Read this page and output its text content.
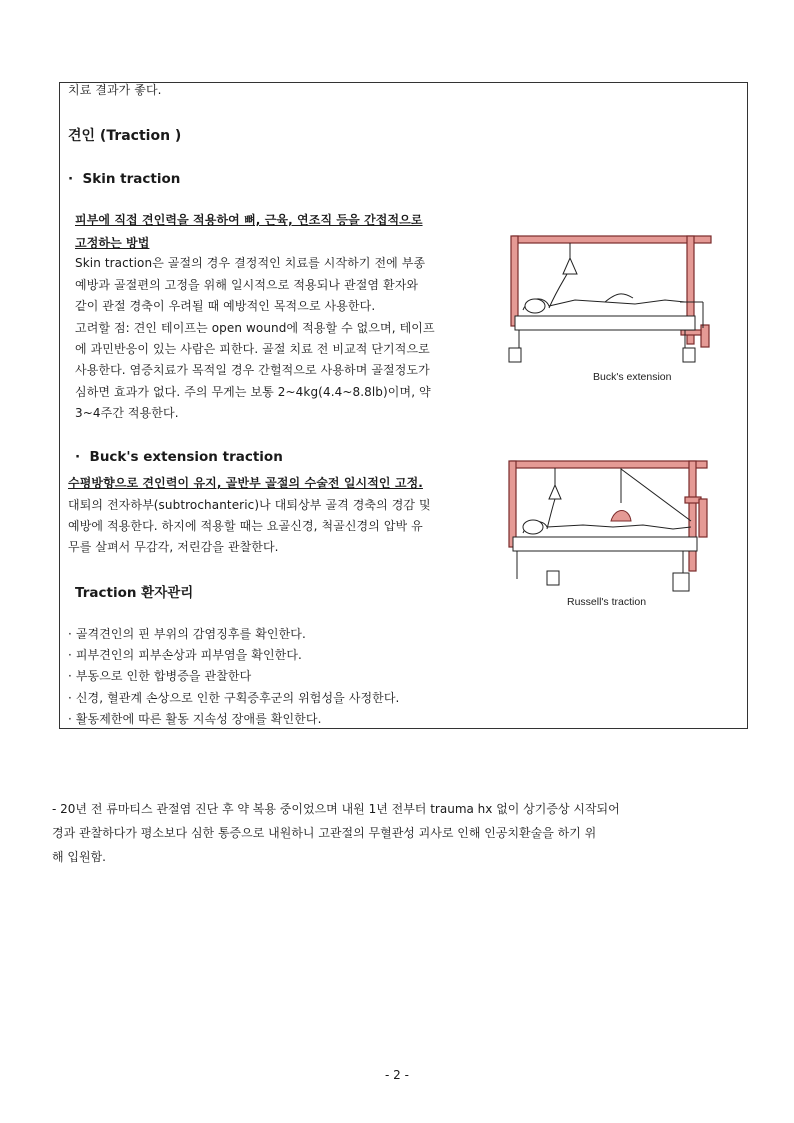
치료 결과가 좋다.
견인 (Traction )
·  Skin traction
피부에 직접 견인력을 적용하여 뼈, 근육, 연조직 등을 간접적으로
고정하는 방법
Skin traction은 골절의 경우 결정적인 치료를 시작하기 전에 부종
예방과 골절편의 고정을 위해 일시적으로 적용되나 관절염 환자와
같이 관절 경축이 우려될 때 예방적인 목적으로 사용한다.
고려할 점: 견인 테이프는 open wound에 적용할 수 없으며, 테이프
에 과민반응이 있는 사람은 피한다. 골절 치료 전 비교적 단기적으로
사용한다. 염증치료가 목적일 경우 간헐적으로 사용하며 골절정도가
심하면 효과가 없다. 주의 무게는 보통 2~4kg(4.4~8.8lb)이며, 약
3~4주간 적용한다.
·  Buck's extension traction
수평방향으로 견인력이 유지, 골반부 골절의 수술전 일시적인 고정.
대퇴의 전자하부(subtrochanteric)나 대퇴상부 골격 경축의 경감 및
예방에 적용한다. 하지에 적용할 때는 요골신경, 척골신경의 압박 유
무를 살펴서 무감각, 저린감을 관찰한다.
Traction 환자관리
· 골격견인의 핀 부위의 감염징후를 확인한다.
· 피부견인의 피부손상과 피부염을 확인한다.
· 부동으로 인한 합병증을 관찰한다
· 신경, 혈관계 손상으로 인한 구획증후군의 위험성을 사정한다.
· 활동제한에 따른 활동 지속성 장애를 확인한다.
Buck's extension
Russell's traction
- 20년 전 류마티스 관절염 진단 후 약 복용 중이었으며 내원 1년 전부터 trauma hx 없이 상기증상 시작되어
경과 관찰하다가 평소보다 심한 통증으로 내원하니 고관절의 무혈관성 괴사로 인해 인공치환술을 하기 위
해 입원함.
- 2 -
